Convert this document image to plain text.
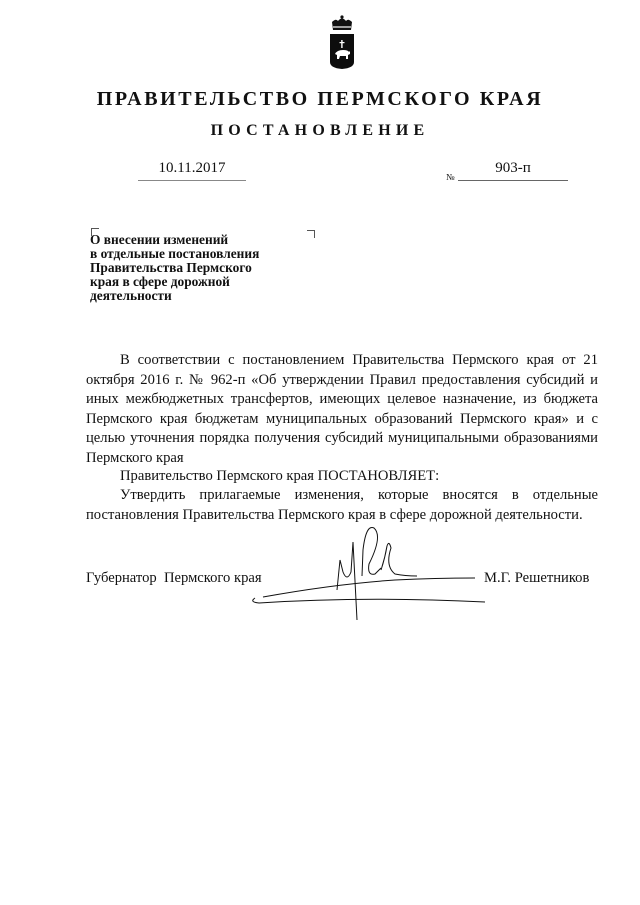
ПРАВИТЕЛЬСТВО ПЕРМСКОГО КРАЯ
ПОСТАНОВЛЕНИЕ
10.11.2017
№
903-п
О внесении изменений
в отдельные постановления
Правительства Пермского
края в сфере дорожной
деятельности
В соответствии с постановлением Правительства Пермского края от 21 октября 2016 г. № 962-п «Об утверждении Правил предоставления субсидий и иных межбюджетных трансфертов, имеющих целевое назначение, из бюджета Пермского края бюджетам муниципальных образований Пермского края» и с целью уточнения порядка получения субсидий муниципальными образованиями Пермского края
Правительство Пермского края ПОСТАНОВЛЯЕТ:
Утвердить прилагаемые изменения, которые вносятся в отдельные постановления Правительства Пермского края в сфере дорожной деятельности.
Губернатор  Пермского края	М.Г. Решетников
